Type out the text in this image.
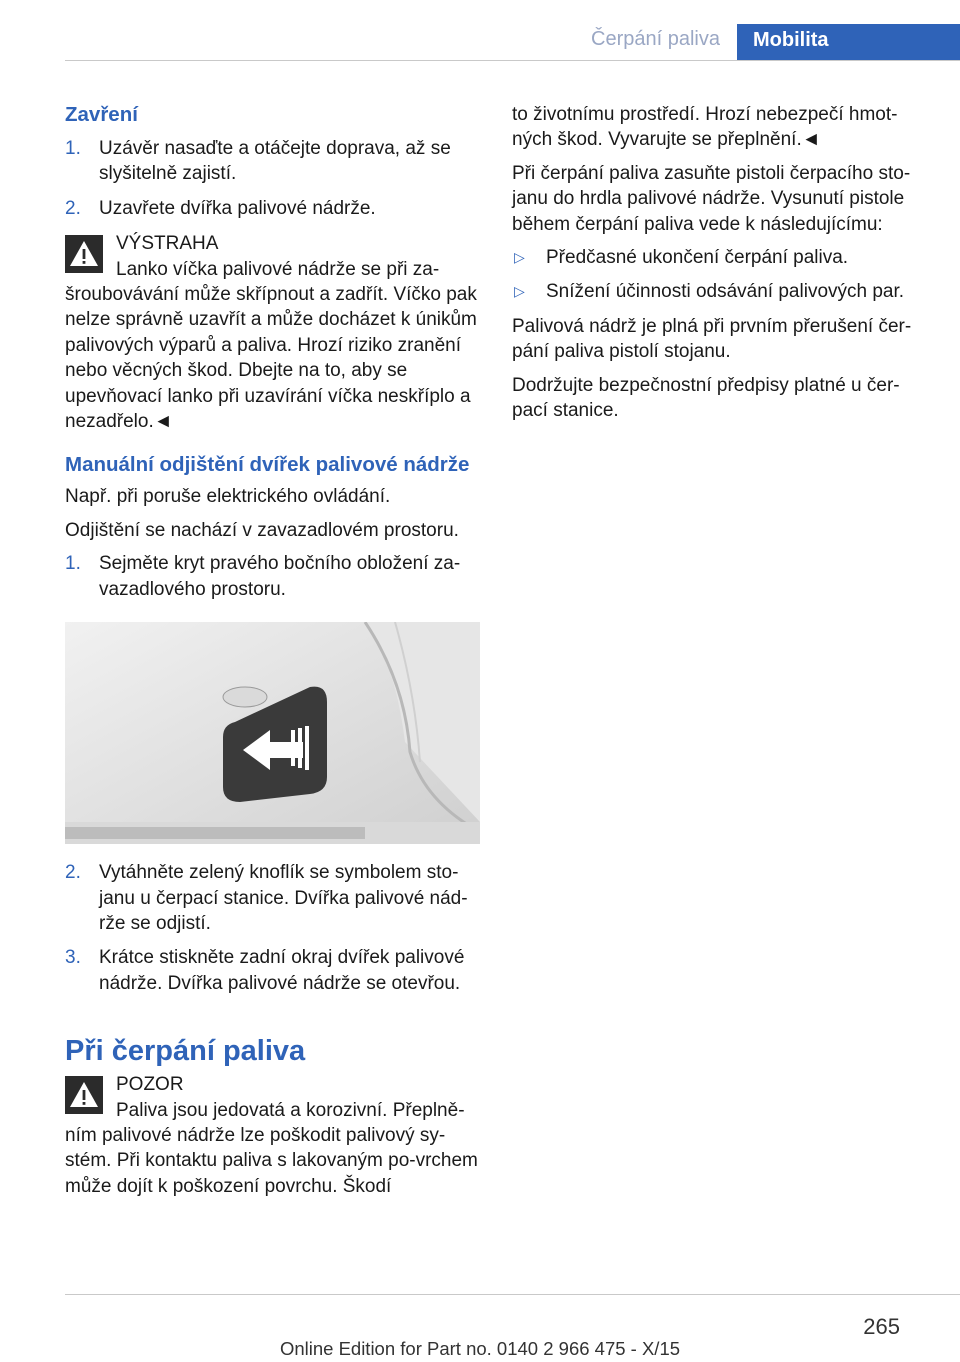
Čerpání paliva	Mobilita
Zavření
1. Uzávěr nasaďte a otáčejte doprava, až se slyšitelně zajistí.
2. Uzavřete dvířka palivové nádrže.
VÝSTRAHA
Lanko víčka palivové nádrže se při za-šroubovávání může skřípnout a zadřít. Víčko pak nelze správně uzavřít a může docházet k únikům palivových výparů a paliva. Hrozí riziko zranění nebo věcných škod. Dbejte na to, aby se upevňovací lanko při uzavírání víčka neskříplo a nezadřelo.◄
Manuální odjištění dvířek palivové nádrže

Např. při poruše elektrického ovládání.

Odjištění se nachází v zavazadlovém prostoru.

1. Sejměte kryt pravého bočního obložení za-vazadlového prostoru.
2. Vytáhněte zelený knoflík se symbolem sto-janu u čerpací stanice. Dvířka palivové nád-rže se odjistí.
3. Krátce stiskněte zadní okraj dvířek palivové nádrže. Dvířka palivové nádrže se otevřou.
Při čerpání paliva
POZOR
Paliva jsou jedovatá a korozivní. Přeplně-ním palivové nádrže lze poškodit palivový sy-stém. Při kontaktu paliva s lakovaným po-vrchem může dojít k poškození povrchu. Škodí

to životnímu prostředí. Hrozí nebezpečí hmot-ných škod. Vyvarujte se přeplnění.◄

Při čerpání paliva zasuňte pistoli čerpacího sto-janu do hrdla palivové nádrže. Vysunutí pistole během čerpání paliva vede k následujícímu:

▷ Předčasné ukončení čerpání paliva.
▷ Snížení účinnosti odsávání palivových par.

Palivová nádrž je plná při prvním přerušení čer-pání paliva pistolí stojanu.

Dodržujte bezpečnostní předpisy platné u čer-pací stanice.

265
Online Edition for Part no. 0140 2 966 475 - X/15
